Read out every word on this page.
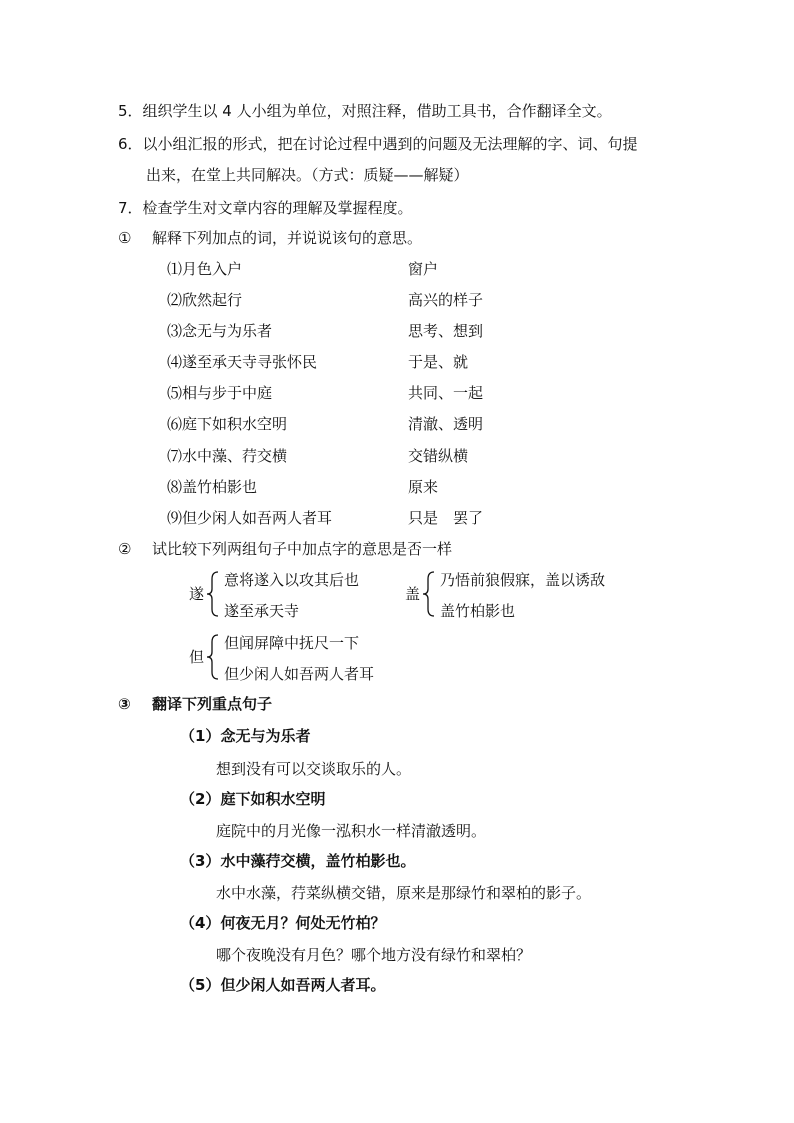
5．组织学生以 4 人小组为单位，对照注释，借助工具书，合作翻译全文。
6．以小组汇报的形式，把在讨论过程中遇到的问题及无法理解的字、词、句提
出来，在堂上共同解决。（方式：质疑——解疑）
7．检查学生对文章内容的理解及掌握程度。
① 解释下列加点的词，并说说该句的意思。
⑴月色入户	窗户
⑵欣然起行	高兴的样子
⑶念无与为乐者	思考、想到
⑷遂至承天寺寻张怀民	于是、就
⑸相与步于中庭	共同、一起
⑹庭下如积水空明	清澈、透明
⑺水中藻、荇交横	交错纵横
⑻盖竹柏影也	原来
⑼但少闲人如吾两人者耳	只是　罢了
② 试比较下列两组句子中加点字的意思是否一样
遂
意将遂入以攻其后也
遂至承天寺
盖
乃悟前狼假寐，盖以诱敌
盖竹柏影也
但
但闻屏障中抚尺一下
但少闲人如吾两人者耳
③ 翻译下列重点句子
（1）念无与为乐者
想到没有可以交谈取乐的人。
（2）庭下如积水空明
庭院中的月光像一泓积水一样清澈透明。
（3）水中藻荇交横，盖竹柏影也。
水中水藻，荇菜纵横交错，原来是那绿竹和翠柏的影子。
（4）何夜无月？何处无竹柏？
哪个夜晚没有月色？哪个地方没有绿竹和翠柏？
（5）但少闲人如吾两人者耳。
